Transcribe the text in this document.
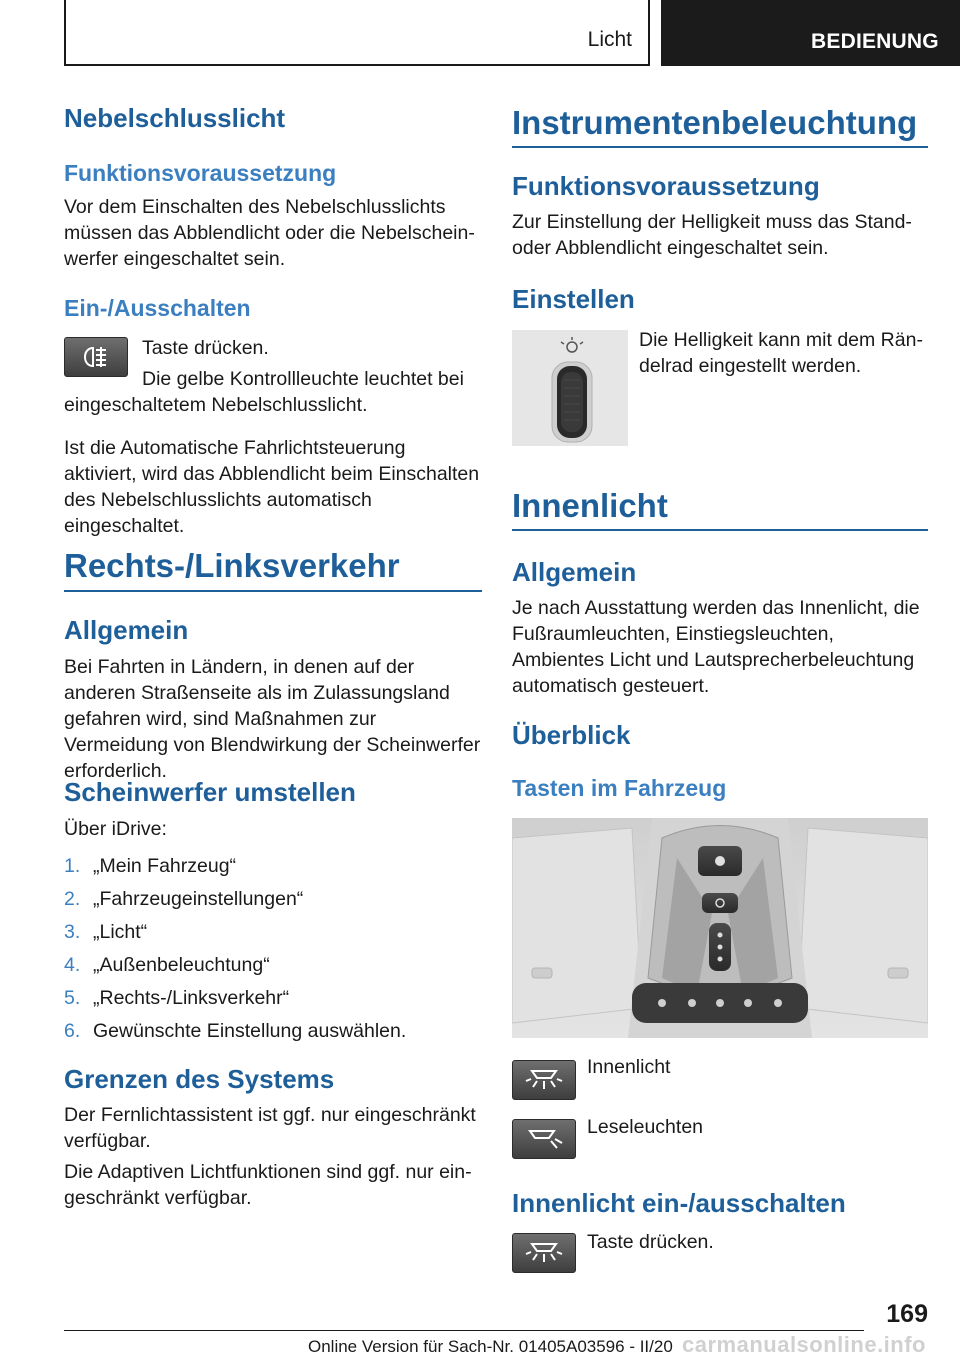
Licht	BEDIENUNG
Nebelschlusslicht
Funktionsvoraussetzung
Vor dem Einschalten des Nebelschlusslichts müssen das Abblendlicht oder die Nebelscheinwerfer eingeschaltet sein.
Ein-/Ausschalten
Taste drücken.
Die gelbe Kontrollleuchte leuchtet bei
eingeschaltetem Nebelschlusslicht.
Ist die Automatische Fahrlichtsteuerung aktiviert, wird das Abblendlicht beim Einschalten des Nebelschlusslichts automatisch eingeschaltet.
Rechts-/Linksverkehr
Allgemein
Bei Fahrten in Ländern, in denen auf der anderen Straßenseite als im Zulassungsland gefahren wird, sind Maßnahmen zur Vermeidung von Blendwirkung der Scheinwerfer erforderlich.
Scheinwerfer umstellen
Über iDrive:
1. „Mein Fahrzeug“
2. „Fahrzeugeinstellungen“
3. „Licht“
4. „Außenbeleuchtung“
5. „Rechts-/Linksverkehr“
6. Gewünschte Einstellung auswählen.
Grenzen des Systems
Der Fernlichtassistent ist ggf. nur eingeschränkt verfügbar.
Die Adaptiven Lichtfunktionen sind ggf. nur eingeschränkt verfügbar.
Instrumentenbeleuchtung
Funktionsvoraussetzung
Zur Einstellung der Helligkeit muss das Stand- oder Abblendlicht eingeschaltet sein.
Einstellen
Die Helligkeit kann mit dem Rändelrad eingestellt werden.
Innenlicht
Allgemein
Je nach Ausstattung werden das Innenlicht, die Fußraumleuchten, Einstiegsleuchten, Ambientes Licht und Lautsprecherbeleuchtung automatisch gesteuert.
Überblick
Tasten im Fahrzeug
Innenlicht
Leseleuchten
Innenlicht ein-/ausschalten
Taste drücken.
169
Online Version für Sach-Nr. 01405A03596 - II/20 carmanualsonline.info
